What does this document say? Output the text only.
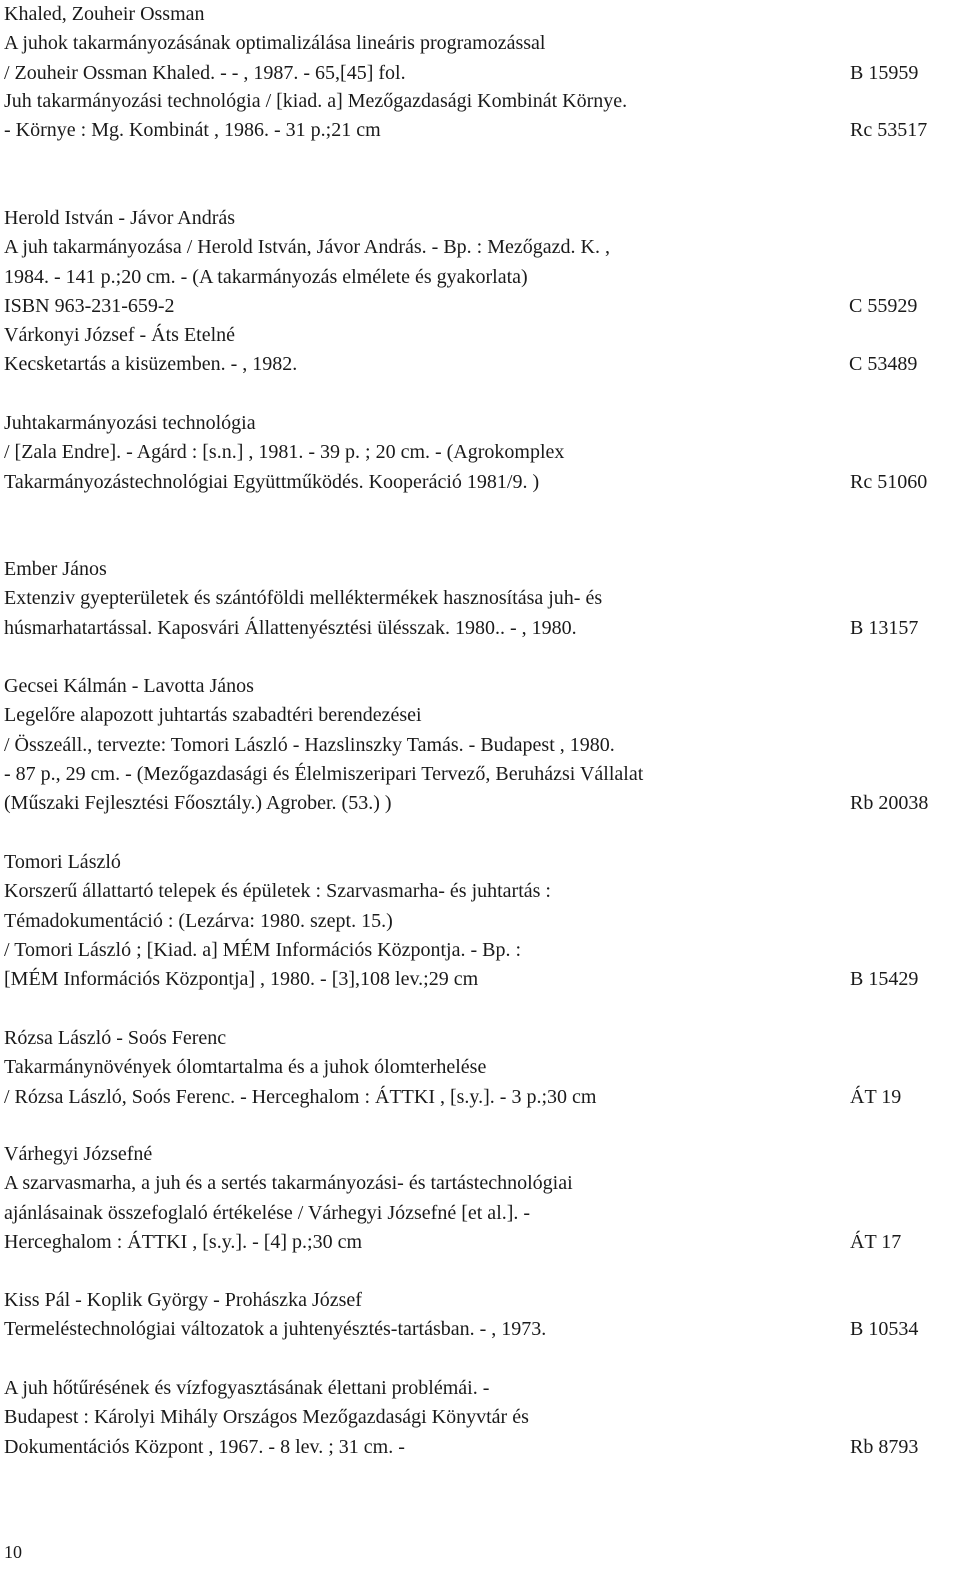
Khaled, Zouheir Ossman
A juhok takarmányozásának optimalizálása lineáris programozással
/ Zouheir Ossman Khaled. - - , 1987. - 65,[45] fol.	B 15959
Juh takarmányozási technológia / [kiad. a] Mezőgazdasági Kombinát Környe.
- Környe : Mg. Kombinát , 1986. - 31 p.;21 cm	Rc 53517
Herold István - Jávor András
A juh takarmányozása / Herold István, Jávor András. - Bp. : Mezőgazd. K. ,
1984. - 141 p.;20 cm. - (A takarmányozás elmélete és gyakorlata)
ISBN 963-231-659-2	C 55929
Várkonyi József - Áts Etelné
Kecsketartás a kisüzemben. - , 1982.	C 53489
Juhtakarmányozási technológia
/ [Zala Endre]. - Agárd : [s.n.] , 1981. - 39 p. ; 20 cm. - (Agrokomplex
Takarmányozástechnológiai Együttműködés. Kooperáció 1981/9. )	Rc 51060
Ember János
Extenziv gyepterületek és szántóföldi melléktermékek hasznosítása juh- és
húsmarhatartással. Kaposvári Állattenyésztési ülésszak. 1980.. - , 1980.	B 13157
Gecsei Kálmán - Lavotta János
Legelőre alapozott juhtartás szabadtéri berendezései
/ Összeáll., tervezte: Tomori László - Hazslinszky Tamás. - Budapest , 1980.
- 87 p., 29 cm. - (Mezőgazdasági és Élelmiszeripari Tervező, Beruházsi Vállalat
(Műszaki Fejlesztési Főosztály.) Agrober. (53.) )	Rb 20038
Tomori László
Korszerű állattartó telepek és épületek : Szarvasmarha- és juhtartás :
Témadokumentáció : (Lezárva: 1980. szept. 15.)
/ Tomori László ; [Kiad. a] MÉM Információs Központja. - Bp. :
[MÉM Információs Központja] , 1980. - [3],108 lev.;29 cm	B 15429
Rózsa László - Soós Ferenc
Takarmánynövények ólomtartalma és a juhok ólomterhelése
/ Rózsa László, Soós Ferenc. - Herceghalom : ÁTTKI , [s.y.]. - 3 p.;30 cm	ÁT 19
Várhegyi Józsefné
A szarvasmarha, a juh és a sertés takarmányozási- és tartástechnológiai
ajánlásainak összefoglaló értékelése / Várhegyi Józsefné [et al.]. -
Herceghalom : ÁTTKI , [s.y.]. - [4] p.;30 cm	ÁT 17
Kiss Pál - Koplik György - Prohászka József
Termeléstechnológiai változatok a juhtenyésztés-tartásban. - , 1973.	B 10534
A juh hőtűrésének és vízfogyasztásának élettani problémái. -
Budapest : Károlyi Mihály Országos Mezőgazdasági Könyvtár és
Dokumentációs Központ , 1967. - 8 lev. ; 31 cm. -	Rb 8793
10
